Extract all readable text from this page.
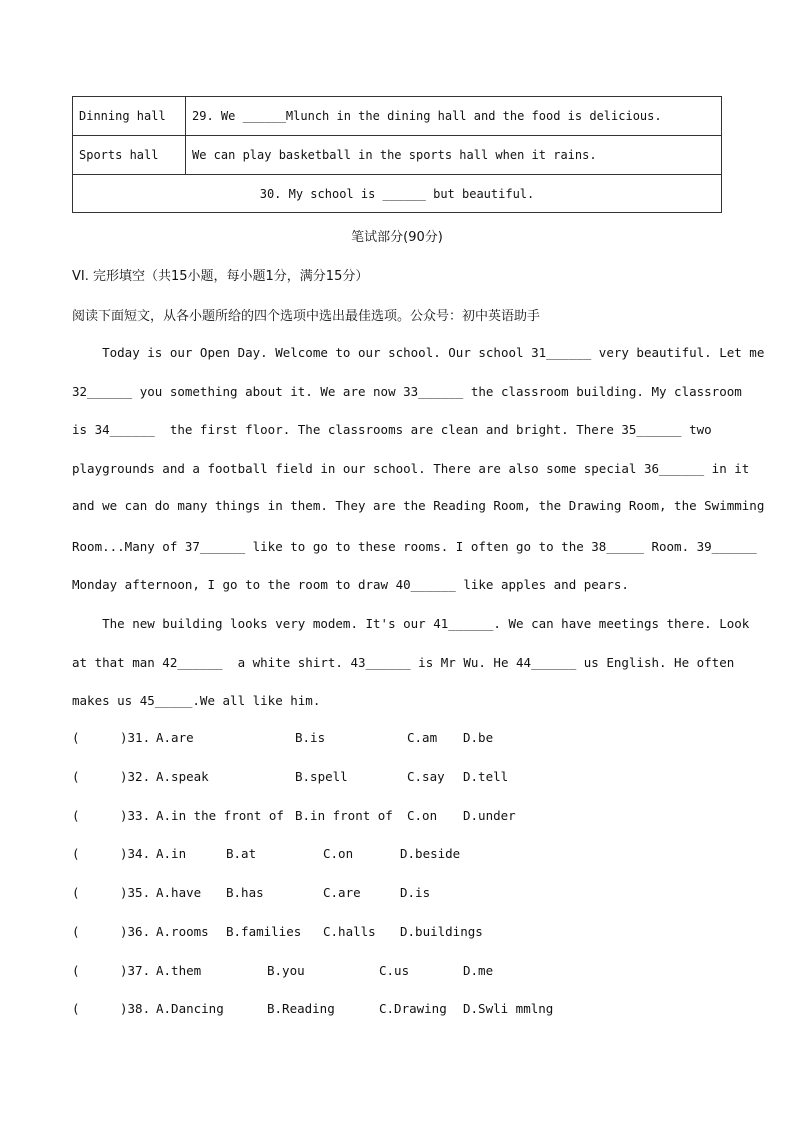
Dinning hall	29. We ______Mlunch in the dining hall and the food is delicious.
Sports hall	We can play basketball in the sports hall when it rains.
30. My school is ______ but beautiful.	
笔试部分(90分)
VI. 完形填空（共15小题，每小题1分，满分15分）
阅读下面短文，从各小题所给的四个选项中选出最佳选项。公众号：初中英语助手
Today is our Open Day. Welcome to our school. Our school 31______ very beautiful. Let me
32______ you something about it. We are now 33______ the classroom building. My classroom
is 34______  the first floor. The classrooms are clean and bright. There 35______ two
playgrounds and a football field in our school. There are also some special 36______ in it
and we can do many things in them. They are the Reading Room, the Drawing Room, the Swimming
Room...Many of 37______ like to go to these rooms. I often go to the 38_____ Room. 39______
Monday afternoon, I go to the room to draw 40______ like apples and pears.
The new building looks very modem. It's our 41______. We can have meetings there. Look
at that man 42______  a white shirt. 43______ is Mr Wu. He 44______ us English. He often
makes us 45_____.We all like him.
(	)31. A.are	B.is	C.am D.be
(	)32. A.speak	B.spell	C.say D.tell
(	)33. A.in the front of B.in front of C.on D.under
(	)34. A.in	B.at	C.on	D.beside
(	)35. A.have B.has	C.are	D.is
(	)36. A.rooms B.families C.halls D.buildings
(	)37. A.them	B.you	C.us	D.me
(	)38. A.Dancing	B.Reading	C.Drawing D.Swli mmlng
